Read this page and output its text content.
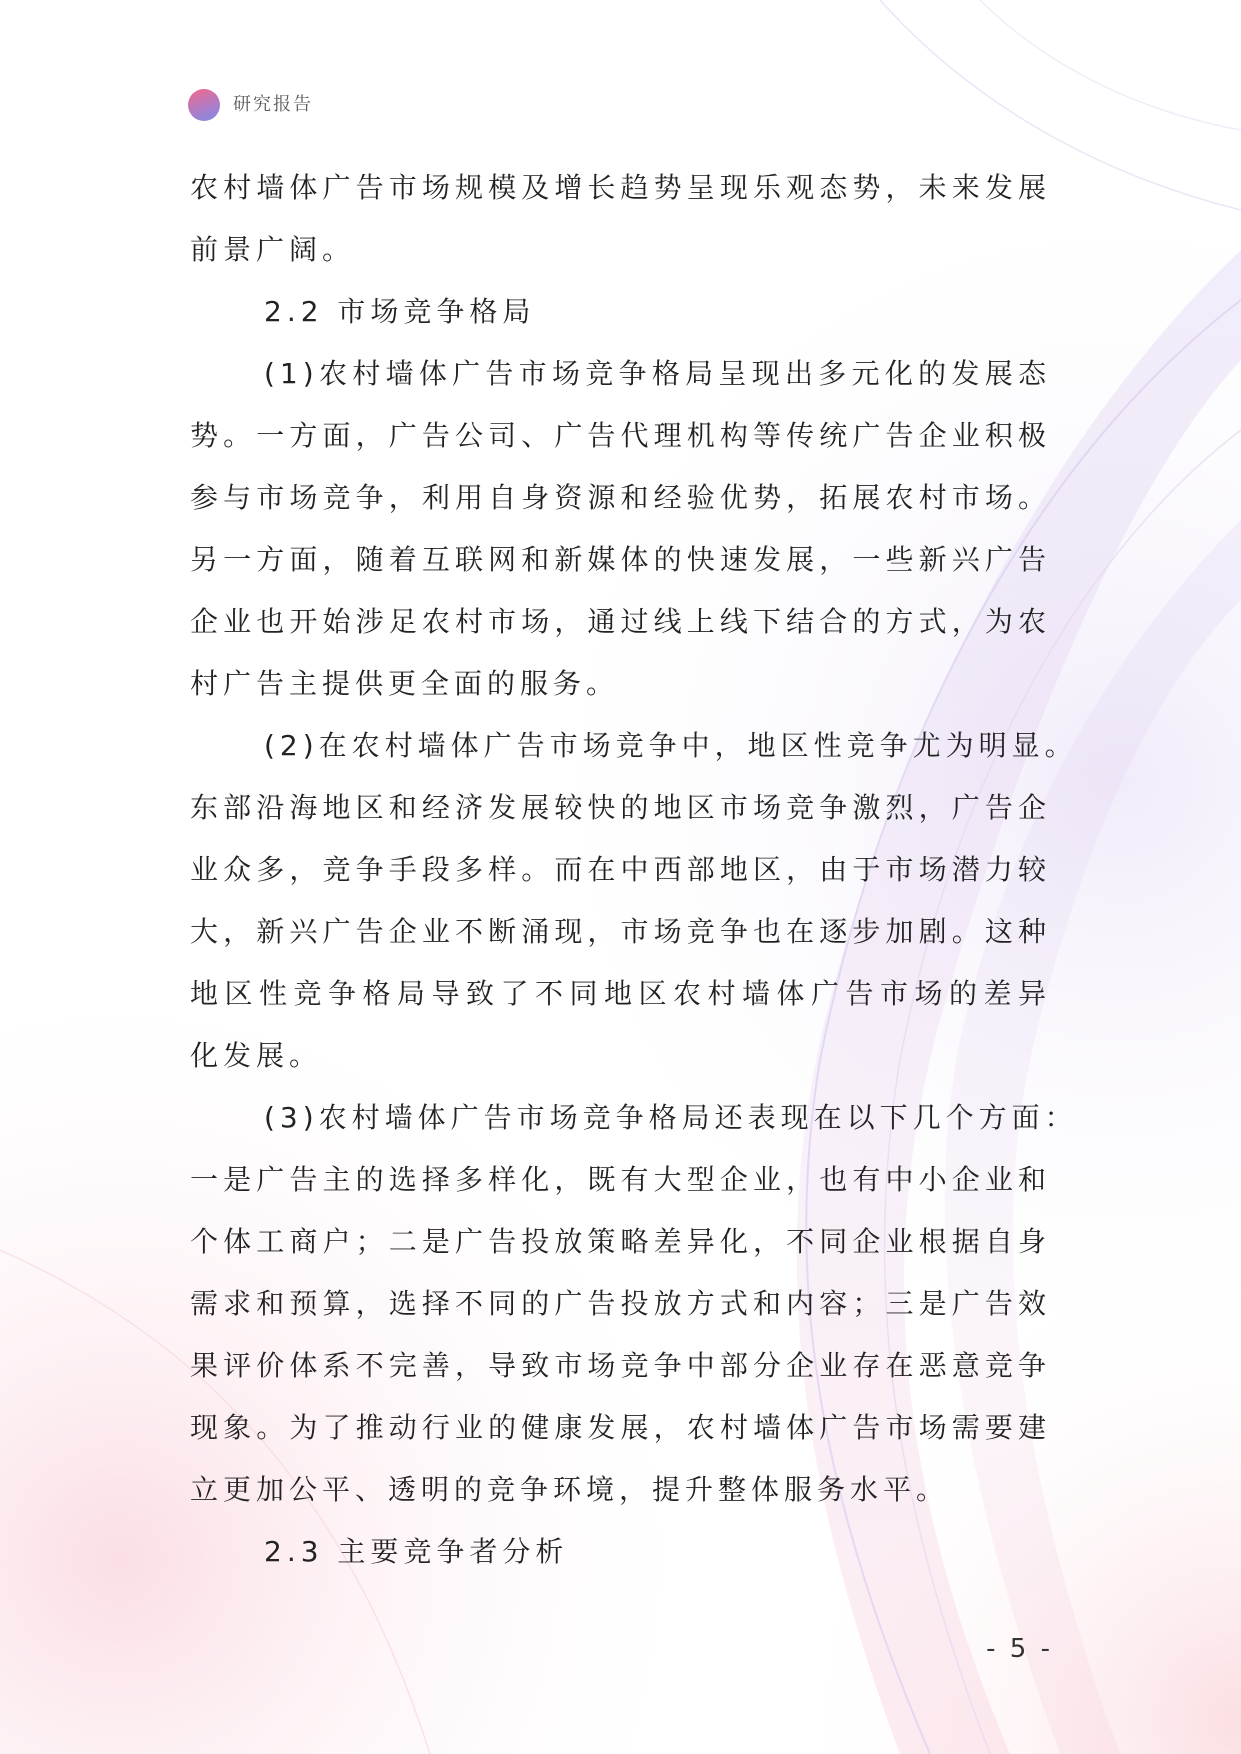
研究报告
农村墙体广告市场规模及增长趋势呈现乐观态势，未来发展
前景广阔。
2.2 市场竞争格局
(1)农村墙体广告市场竞争格局呈现出多元化的发展态
势。一方面，广告公司、广告代理机构等传统广告企业积极
参与市场竞争，利用自身资源和经验优势，拓展农村市场。
另一方面，随着互联网和新媒体的快速发展，一些新兴广告
企业也开始涉足农村市场，通过线上线下结合的方式，为农
村广告主提供更全面的服务。
(2)在农村墙体广告市场竞争中，地区性竞争尤为明显。
东部沿海地区和经济发展较快的地区市场竞争激烈，广告企
业众多，竞争手段多样。而在中西部地区，由于市场潜力较
大，新兴广告企业不断涌现，市场竞争也在逐步加剧。这种
地区性竞争格局导致了不同地区农村墙体广告市场的差异
化发展。
(3)农村墙体广告市场竞争格局还表现在以下几个方面：
一是广告主的选择多样化，既有大型企业，也有中小企业和
个体工商户；二是广告投放策略差异化，不同企业根据自身
需求和预算，选择不同的广告投放方式和内容；三是广告效
果评价体系不完善，导致市场竞争中部分企业存在恶意竞争
现象。为了推动行业的健康发展，农村墙体广告市场需要建
立更加公平、透明的竞争环境，提升整体服务水平。
2.3 主要竞争者分析
- 5 -
